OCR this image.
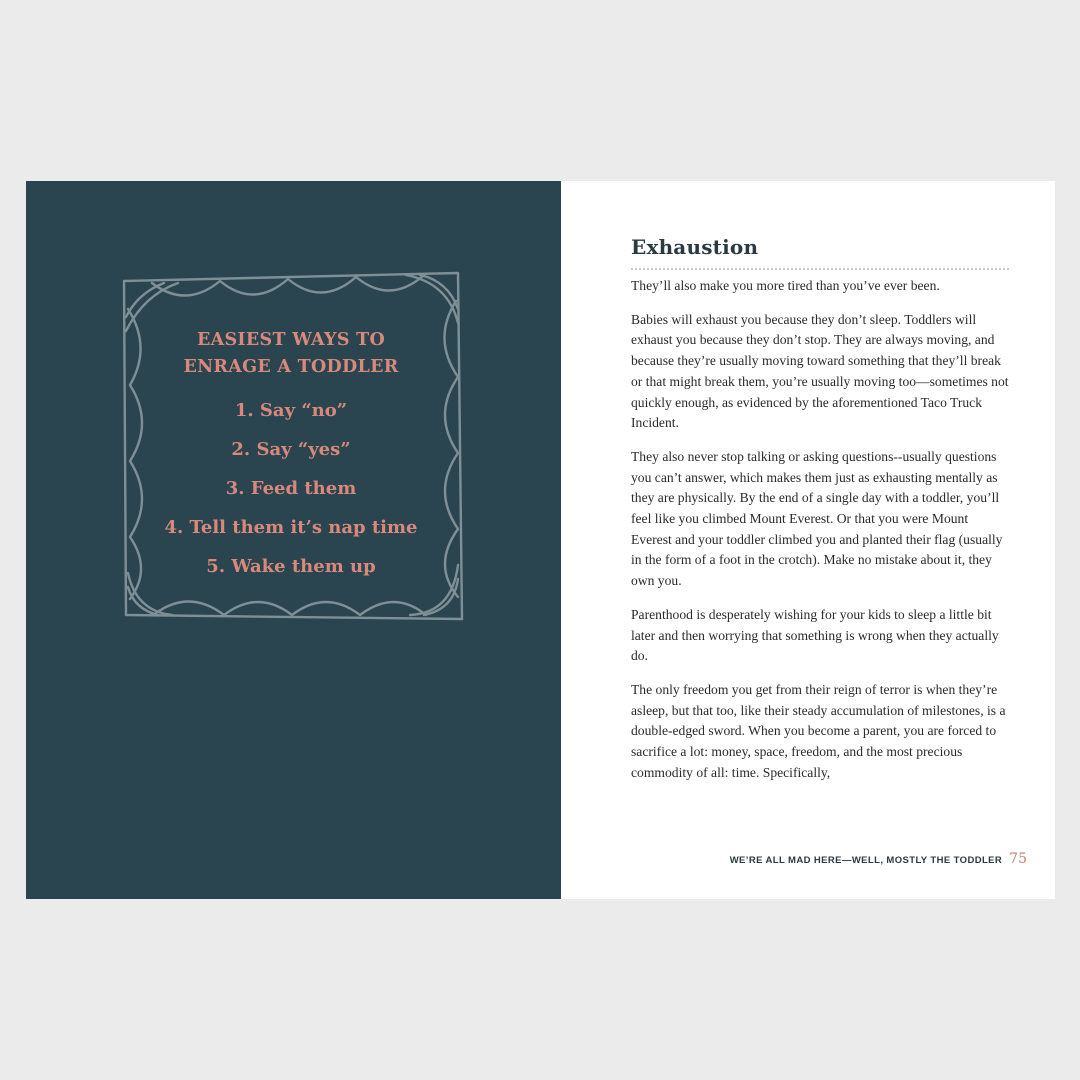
EASIEST WAYS TO
ENRAGE A TODDLER
1. Say “no”
2. Say “yes”
3. Feed them
4. Tell them it’s nap time
5. Wake them up
Exhaustion

They’ll also make you more tired than you’ve ever been.

Babies will exhaust you because they don’t sleep. Toddlers will exhaust you because they don’t stop. They are always moving, and because they’re usually moving toward something that they’ll break or that might break them, you’re usually moving too—sometimes not quickly enough, as evidenced by the aforementioned Taco Truck Incident.

They also never stop talking or asking questions--usually questions you can’t answer, which makes them just as exhausting mentally as they are physically. By the end of a single day with a toddler, you’ll feel like you climbed Mount Everest. Or that you were Mount Everest and your toddler climbed you and planted their flag (usually in the form of a foot in the crotch). Make no mistake about it, they own you.

Parenthood is desperately wishing for your kids to sleep a little bit later and then worrying that something is wrong when they actually do.

The only freedom you get from their reign of terror is when they’re asleep, but that too, like their steady accumulation of milestones, is a double-edged sword. When you become a parent, you are forced to sacrifice a lot: money, space, freedom, and the most precious commodity of all: time. Specifically,

WE’RE ALL MAD HERE—WELL, MOSTLY THE TODDLER 75
